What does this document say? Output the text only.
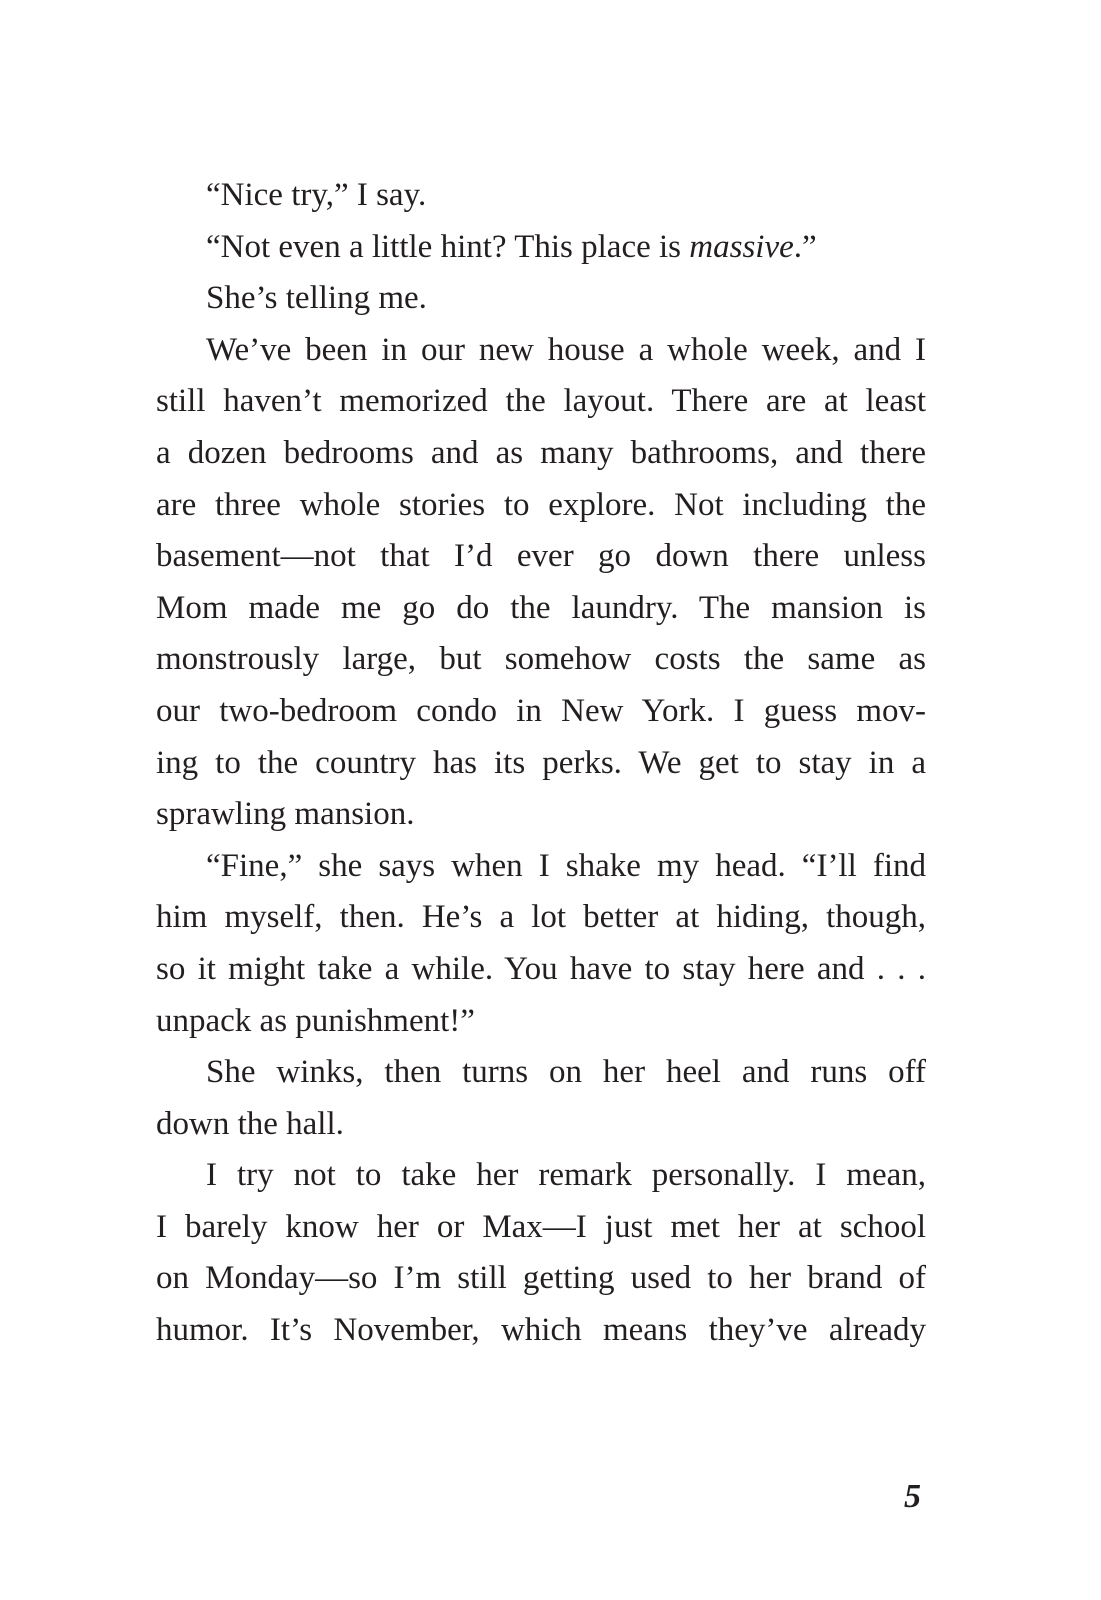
“Nice try,” I say.
“Not even a little hint? This place is massive.”
She’s telling me.
We’ve been in our new house a whole week, and I
still haven’t memorized the layout. There are at least
a dozen bedrooms and as many bathrooms, and there
are three whole stories to explore. Not including the
basement—not that I’d ever go down there unless
Mom made me go do the laundry. The mansion is
monstrously large, but somehow costs the same as
our two-bedroom condo in New York. I guess mov-
ing to the country has its perks. We get to stay in a
sprawling mansion.
“Fine,” she says when I shake my head. “I’ll find
him myself, then. He’s a lot better at hiding, though,
so it might take a while. You have to stay here and . . .
unpack as punishment!”
She winks, then turns on her heel and runs off
down the hall.
I try not to take her remark personally. I mean,
I barely know her or Max—I just met her at school
on Monday—so I’m still getting used to her brand of
humor. It’s November, which means they’ve already
5
